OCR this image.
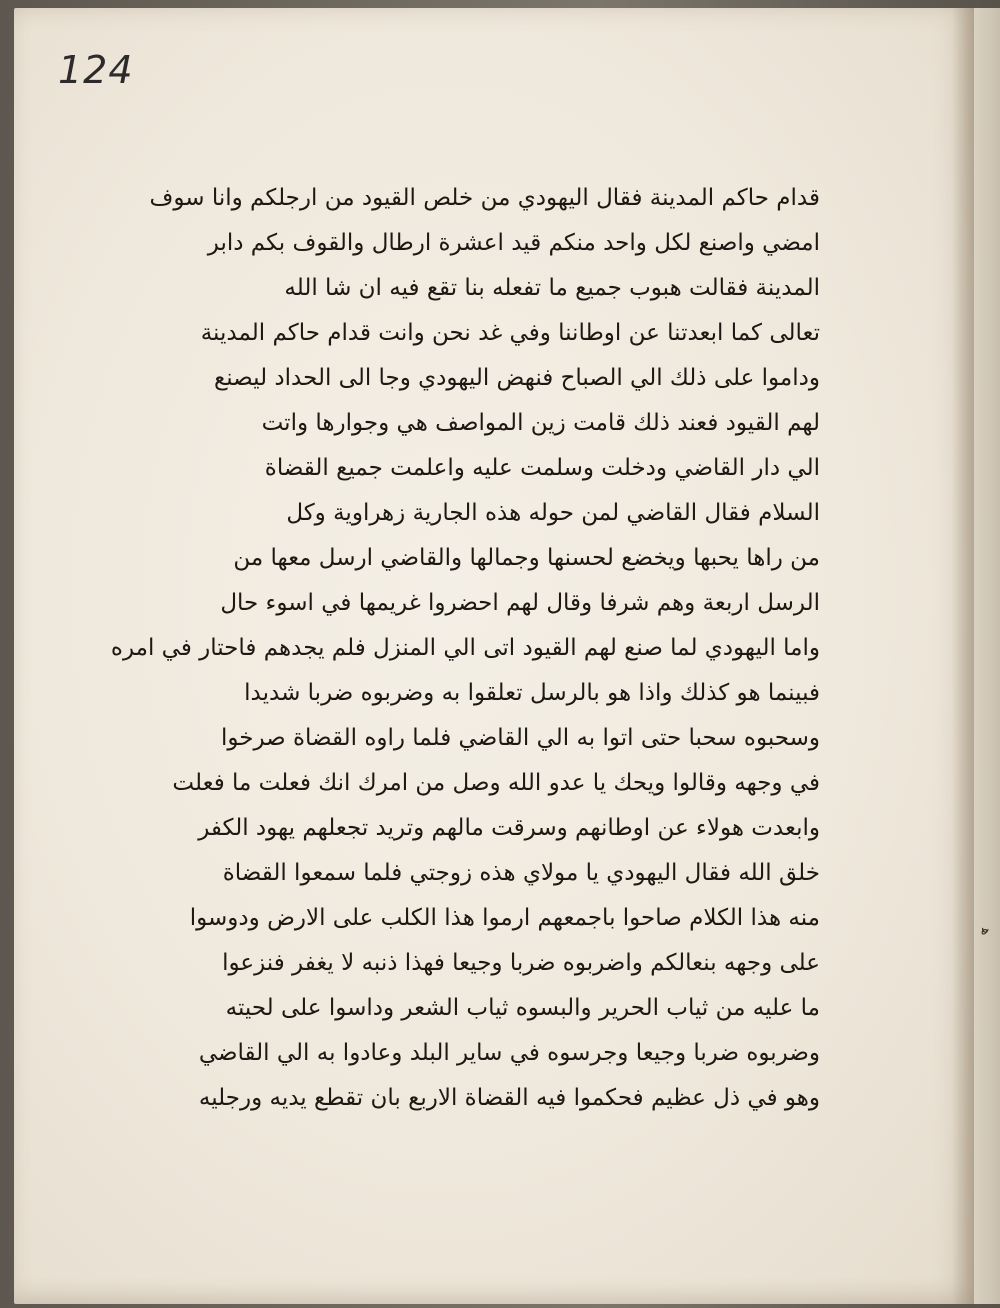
ه‍
124
قدام حاكم المدينة فقال اليهودي من خلص القيود من ارجلكم وانا سوف
امضي واصنع لكل واحد منكم قيد اعشرة ارطال والقوف بكم دابر
المدينة فقالت هبوب جميع ما تفعله بنا تقع فيه ان شا الله
تعالى كما ابعدتنا عن اوطاننا وفي غد نحن وانت قدام حاكم المدينة
وداموا على ذلك الي الصباح فنهض اليهودي وجا الى الحداد ليصنع
لهم القيود فعند ذلك قامت زين المواصف هي وجوارها واتت
الي دار القاضي ودخلت وسلمت عليه واعلمت جميع القضاة
السلام فقال القاضي لمن حوله هذه الجارية زهراوية وكل
من راها يحبها ويخضع لحسنها وجمالها والقاضي ارسل معها من
الرسل اربعة وهم شرفا وقال لهم احضروا غريمها في اسوء حال
واما اليهودي لما صنع لهم القيود اتى الي المنزل فلم يجدهم فاحتار في امره
فبينما هو كذلك واذا هو بالرسل تعلقوا به وضربوه ضربا شديدا
وسحبوه سحبا حتى اتوا به الي القاضي فلما راوه القضاة صرخوا
في وجهه وقالوا ويحك يا عدو الله وصل من امرك انك فعلت ما فعلت
وابعدت هولاء عن اوطانهم وسرقت مالهم وتريد تجعلهم يهود الكفر
خلق الله فقال اليهودي يا مولاي هذه زوجتي فلما سمعوا القضاة
منه هذا الكلام صاحوا باجمعهم ارموا هذا الكلب على الارض ودوسوا
على وجهه بنعالكم واضربوه ضربا وجيعا فهذا ذنبه لا يغفر فنزعوا
ما عليه من ثياب الحرير والبسوه ثياب الشعر وداسوا على لحيته
وضربوه ضربا وجيعا وجرسوه في ساير البلد وعادوا به الي القاضي
وهو في ذل عظيم فحكموا فيه القضاة الاربع بان تقطع يديه ورجليه
